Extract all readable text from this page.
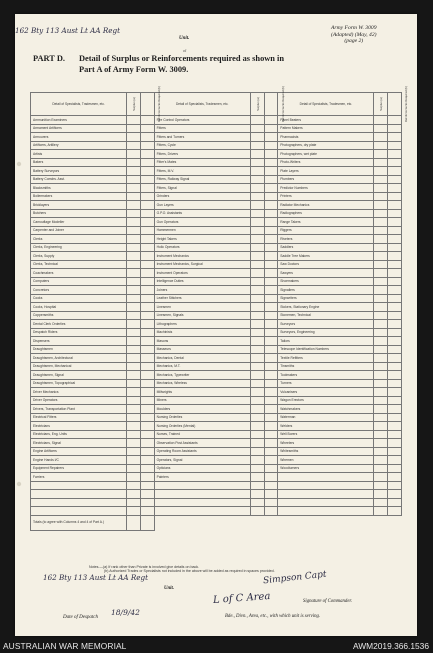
162 Bty 113 Aust Lt AA Regt
Unit.
Army Form W. 3009
(Adapted) (May, 42)
(page 2)
of
PART D. Detail of Surplus or Reinforcements required as shown in
Part A of Army Form W. 3009.
Detail of Specialists, Tradesmen, etc.	Surplus (a)	Reinforcements Required (b)	Detail of Specialists, Tradesmen, etc.	Surplus (a)	Reinforcements Required (b)	Detail of Specialists, Tradesmen, etc.	Surplus (a)	Reinforcements Required (b)
Ammunition Examiners			Fire Control Operators			Panel Beaters		
Armament Artificers			Fitters			Pattern Makers		
Armourers			Fitters and Turners			Pharmacists		
Artificers, Artillery			Fitters, Cycle			Photographers, dry plate		
Artists			Fitters, Drivers			Photographers, wet plate		
Bakers			Fitter's Mates			Photo-Writers		
Battery Surveyors			Fitters, M.V.			Plate Layers		
Battery Comdrs. Asst.			Fitters, Railway Signal			Plumbers		
Blacksmiths			Fitters, Signal			Predictor Numbers		
Boilermakers			Grinders			Printers		
Bricklayers			Gun Layers			Radiator Mechanics		
Butchers			G.P.O. Assistants			Radiographers		
Camouflage Modeller			Gun Operators			Range Takers		
Carpenter and Joiner			Hammermen			Riggers		
Clerks			Height Takers			Riveters		
Clerks, Engineering			Holic Operators			Saddlers		
Clerks, Supply			Instrument Mechanics			Saddle Tree Makers		
Clerks, Technical			Instrument Mechanics, Surgical			Saw Doctors		
Coachmakers			Instrument Operators			Sawyers		
Computers			Intelligence Duties			Shoemakers		
Concretors			Joiners			Signallers		
Cooks			Leather Stitchers			Signwriters		
Cooks, Hospital			Linesmen			Stokers, Stationary Engine		
Coppersmiths			Linesmen, Signals			Stonemen, Technical		
Dental Clerk Orderlies			Lithographers			Surveyors		
Despatch Riders			Machinists			Surveyors, Engineering		
Dispensers			Masons			Tailors		
Draughtsmen			Masseurs			Telescope Identification Numbers		
Draughtsmen, Architectural			Mechanics, Dental			Textile Refitters		
Draughtsmen, Mechanical			Mechanics, M.T.			Tinsmiths		
Draughtsmen, Signal			Mechanics, Typewriter			Toolmakers		
Draughtsmen, Topographical			Mechanics, Wireless			Turners		
Driver Mechanics			Millwrights			Vulcanisers		
Driver Operators			Miners			Wagon Erectors		
Drivers, Transportation Plant			Moulders			Watchmakers		
Electrical Fitters			Nursing Orderlies			Waterman		
Electricians			Nursing Orderlies (Mental)			Welders		
Electricians, Eng. Units			Nurses, Trained			Well Borers		
Electricians, Signal			Observation Post Assistants			Wheelers		
Engine Artificers			Operating Room Assistants			Whitesmiths		
Engine Hands I/C			Operators, Signal			Wiremen		
Equipment Repairers			Opticians			Woodturners		
Farriers			Painters					

Totals (to agree with Columns 4 and 4 of Part A.)								
Notes.—(a) If rank other than Private is involved give details on back.
(b) Authorized Trades or Specialists not included in the above will be added as required in spaces provided.
162 Bty 113 Aust Lt AA Regt
Unit.
Simpson Capt
Signature of Commander.
L of C Area
Date of Despatch
18/9/42	Bde., Divn., Area, etc., with which unit is serving.
AUSTRALIAN WAR MEMORIAL	AWM2019.366.1536
